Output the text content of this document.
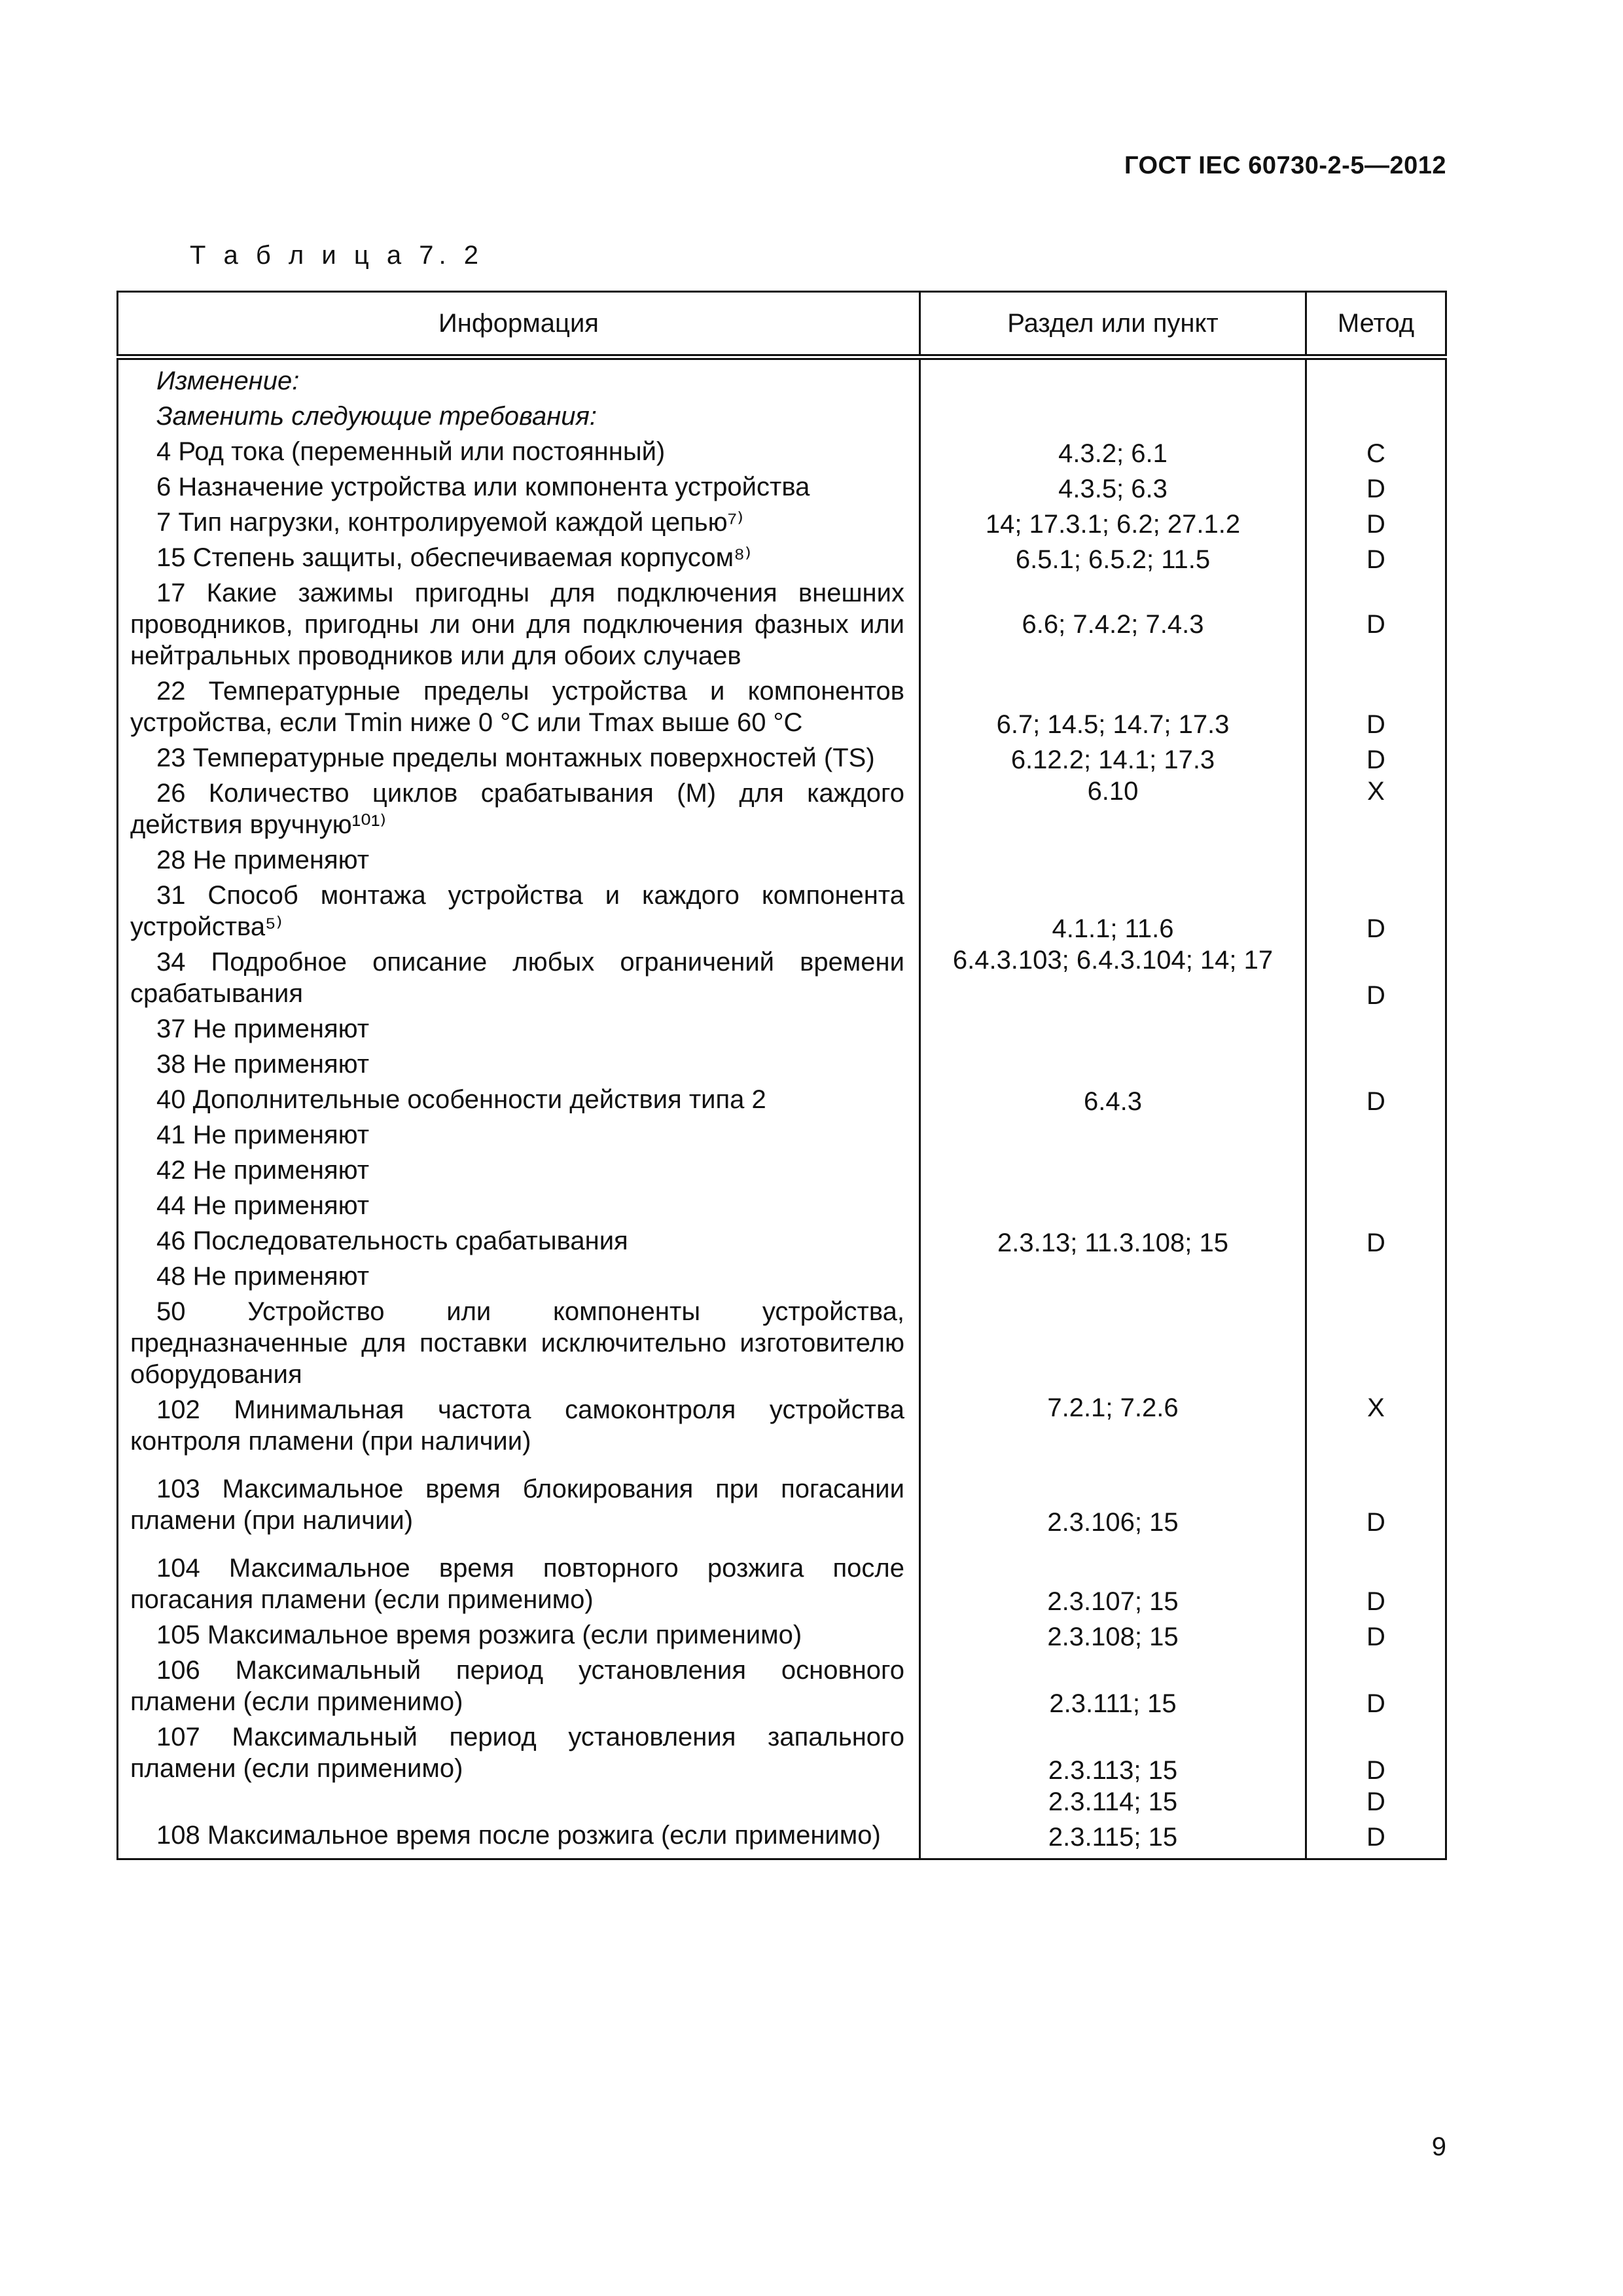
ГОСТ IEC 60730-2-5—2012
Т а б л и ц а 7. 2
Информация	Раздел или пункт	Метод

Изменение:		

Заменить следующие требования:		

4 Род тока (переменный или постоянный)	4.3.2; 6.1	C

6 Назначение устройства или компонента устройства	4.3.5; 6.3	D

7 Тип нагрузки, контролируемой каждой цепью⁷⁾	14; 17.3.1; 6.2; 27.1.2	D

15 Степень защиты, обеспечиваемая корпусом⁸⁾	6.5.1; 6.5.2; 11.5	D

17 Какие зажимы пригодны для подключения внешних проводников, пригодны ли они для подключения фазных или нейтральных проводников или для обоих случаев	6.6; 7.4.2; 7.4.3	D

22 Температурные пределы устройства и компонентов устройства, если Tmin ниже 0 °C или Tmax выше 60 °C	6.7; 14.5; 14.7; 17.3	D

23 Температурные пределы монтажных поверхностей (TS)	6.12.2; 14.1; 17.3	D

26 Количество циклов срабатывания (M) для каждого действия вручную¹⁰¹⁾	6.10	X

28 Не применяют		

31 Способ монтажа устройства и каждого компонента устройства⁵⁾	4.1.1; 11.6	D

34 Подробное описание любых ограничений времени срабатывания	6.4.3.103; 6.4.3.104; 14; 17	D

37 Не применяют		

38 Не применяют		

40 Дополнительные особенности действия типа 2	6.4.3	D

41 Не применяют		

42 Не применяют		

44 Не применяют		

46 Последовательность срабатывания	2.3.13; 11.3.108; 15	D

48 Не применяют		

50 Устройство или компоненты устройства, предназначенные для поставки исключительно изготовителю оборудования		

102 Минимальная частота самоконтроля устройства контроля пламени (при наличии)	7.2.1; 7.2.6	X

103 Максимальное время блокирования при погасании пламени (при наличии)	2.3.106; 15	D

104 Максимальное время повторного розжига после погасания пламени (если применимо)	2.3.107; 15	D

105 Максимальное время розжига (если применимо)	2.3.108; 15	D

106 Максимальный период установления основного пламени (если применимо)	2.3.111; 15	D

107 Максимальный период установления запального пламени (если применимо)	2.3.113; 15	D

	2.3.114; 15	D

108 Максимальное время после розжига (если применимо)	2.3.115; 15	D

9
